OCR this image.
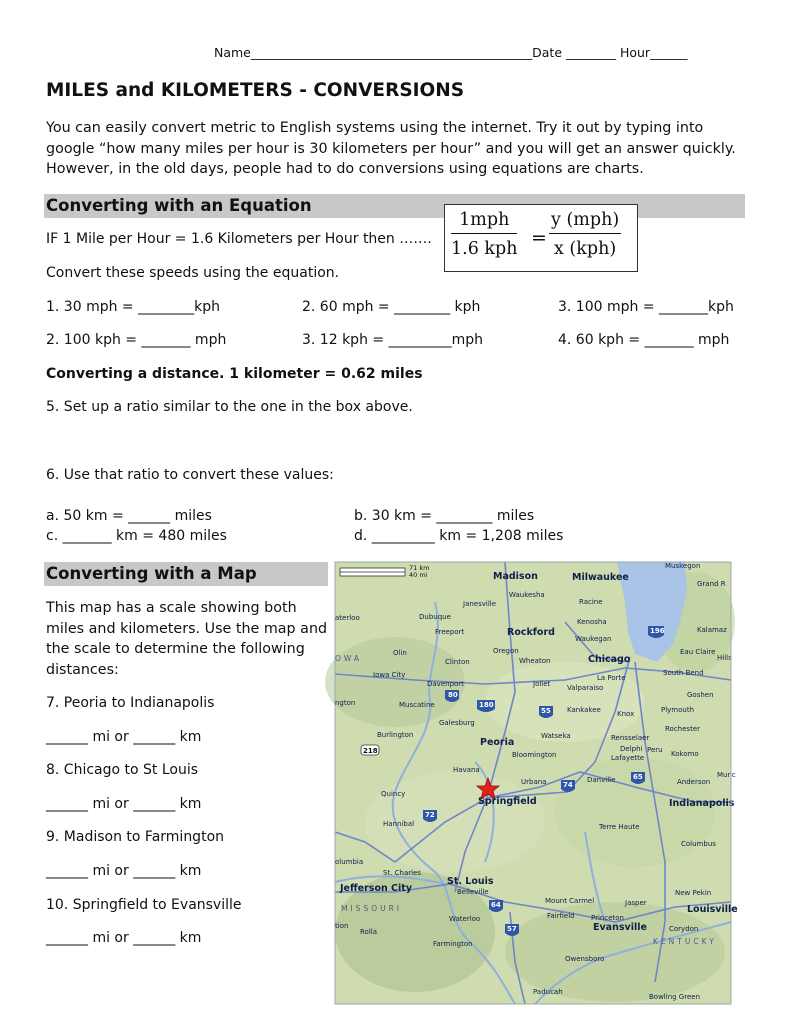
Name_____________________________________________Date ________ Hour______
MILES and KILOMETERS - CONVERSIONS
You can easily convert metric to English systems using the internet. Try it out by typing into google “how many miles per hour is 30 kilometers per hour” and you will get an answer quickly. However, in the old days, people had to do conversions using equations are charts.
Converting with an Equation
1mph
1.6 kph =
y (mph)
x (kph)
IF 1 Mile per Hour = 1.6 Kilometers per Hour then …….
Convert these speeds using the equation.
1. 30 mph = ________kph	2. 60 mph = ________ kph	3. 100 mph = _______kph
2. 100 kph = _______ mph	3. 12 kph = _________mph	4. 60 kph = _______ mph
Converting a distance. 1 kilometer = 0.62 miles
5. Set up a ratio similar to the one in the box above.
6. Use that ratio to convert these values:
a. 50 km = ______ miles	b. 30 km = ________ miles
c. _______ km = 480 miles	d. _________ km = 1,208 miles
Converting with a Map
This map has a scale showing both miles and kilometers. Use the map and the scale to determine the following distances:
7. Peoria to Indianapolis
______ mi or ______ km
8. Chicago to St Louis
______ mi or ______ km
9. Madison to Farmington
______ mi or ______ km
10. Springfield to Evansville
______ mi or ______ km
71 km
40 mi	Madison	Milwaukee
Chicago
Springfield	Indianapolis
Jefferson City
St. Louis
Evansville
Peoria
Rockford
Louisville
Muskegon
Grand R
Janesville
Waukesha
Racine
Kenosha
Waukegan
Kalamaz
Dubuque
Freeport
Eau Claire
Hills
Olin
Clinton
Oregon
Wheaton
South Bend
Iowa City
Davenport	Joliet Valparaiso
La Porte
Goshen
Muscatine
Kankakee Knox	Plymouth
Galesburg
Rochester
Burlington	Watseka	Rensselaer
Peru Kokomo
Bloomington	Lafayette
Delphi
Havana
Urbana	Danville	Anderson
Munc
Quincy
Terre Haute
Hannibal
Columbus
olumbia
St. Charles
Belleville
Mount Carmel	Jasper
New Pekin
Fairfield Princeton
Waterloo
Corydon
Rolla
Farmington
Owensboro
Paducah
Bowling Green
aterloo
ngton
tion
MISSOURI
KENTUCKY
OWA
196
80
180
55
74
65
72
64
57
218
